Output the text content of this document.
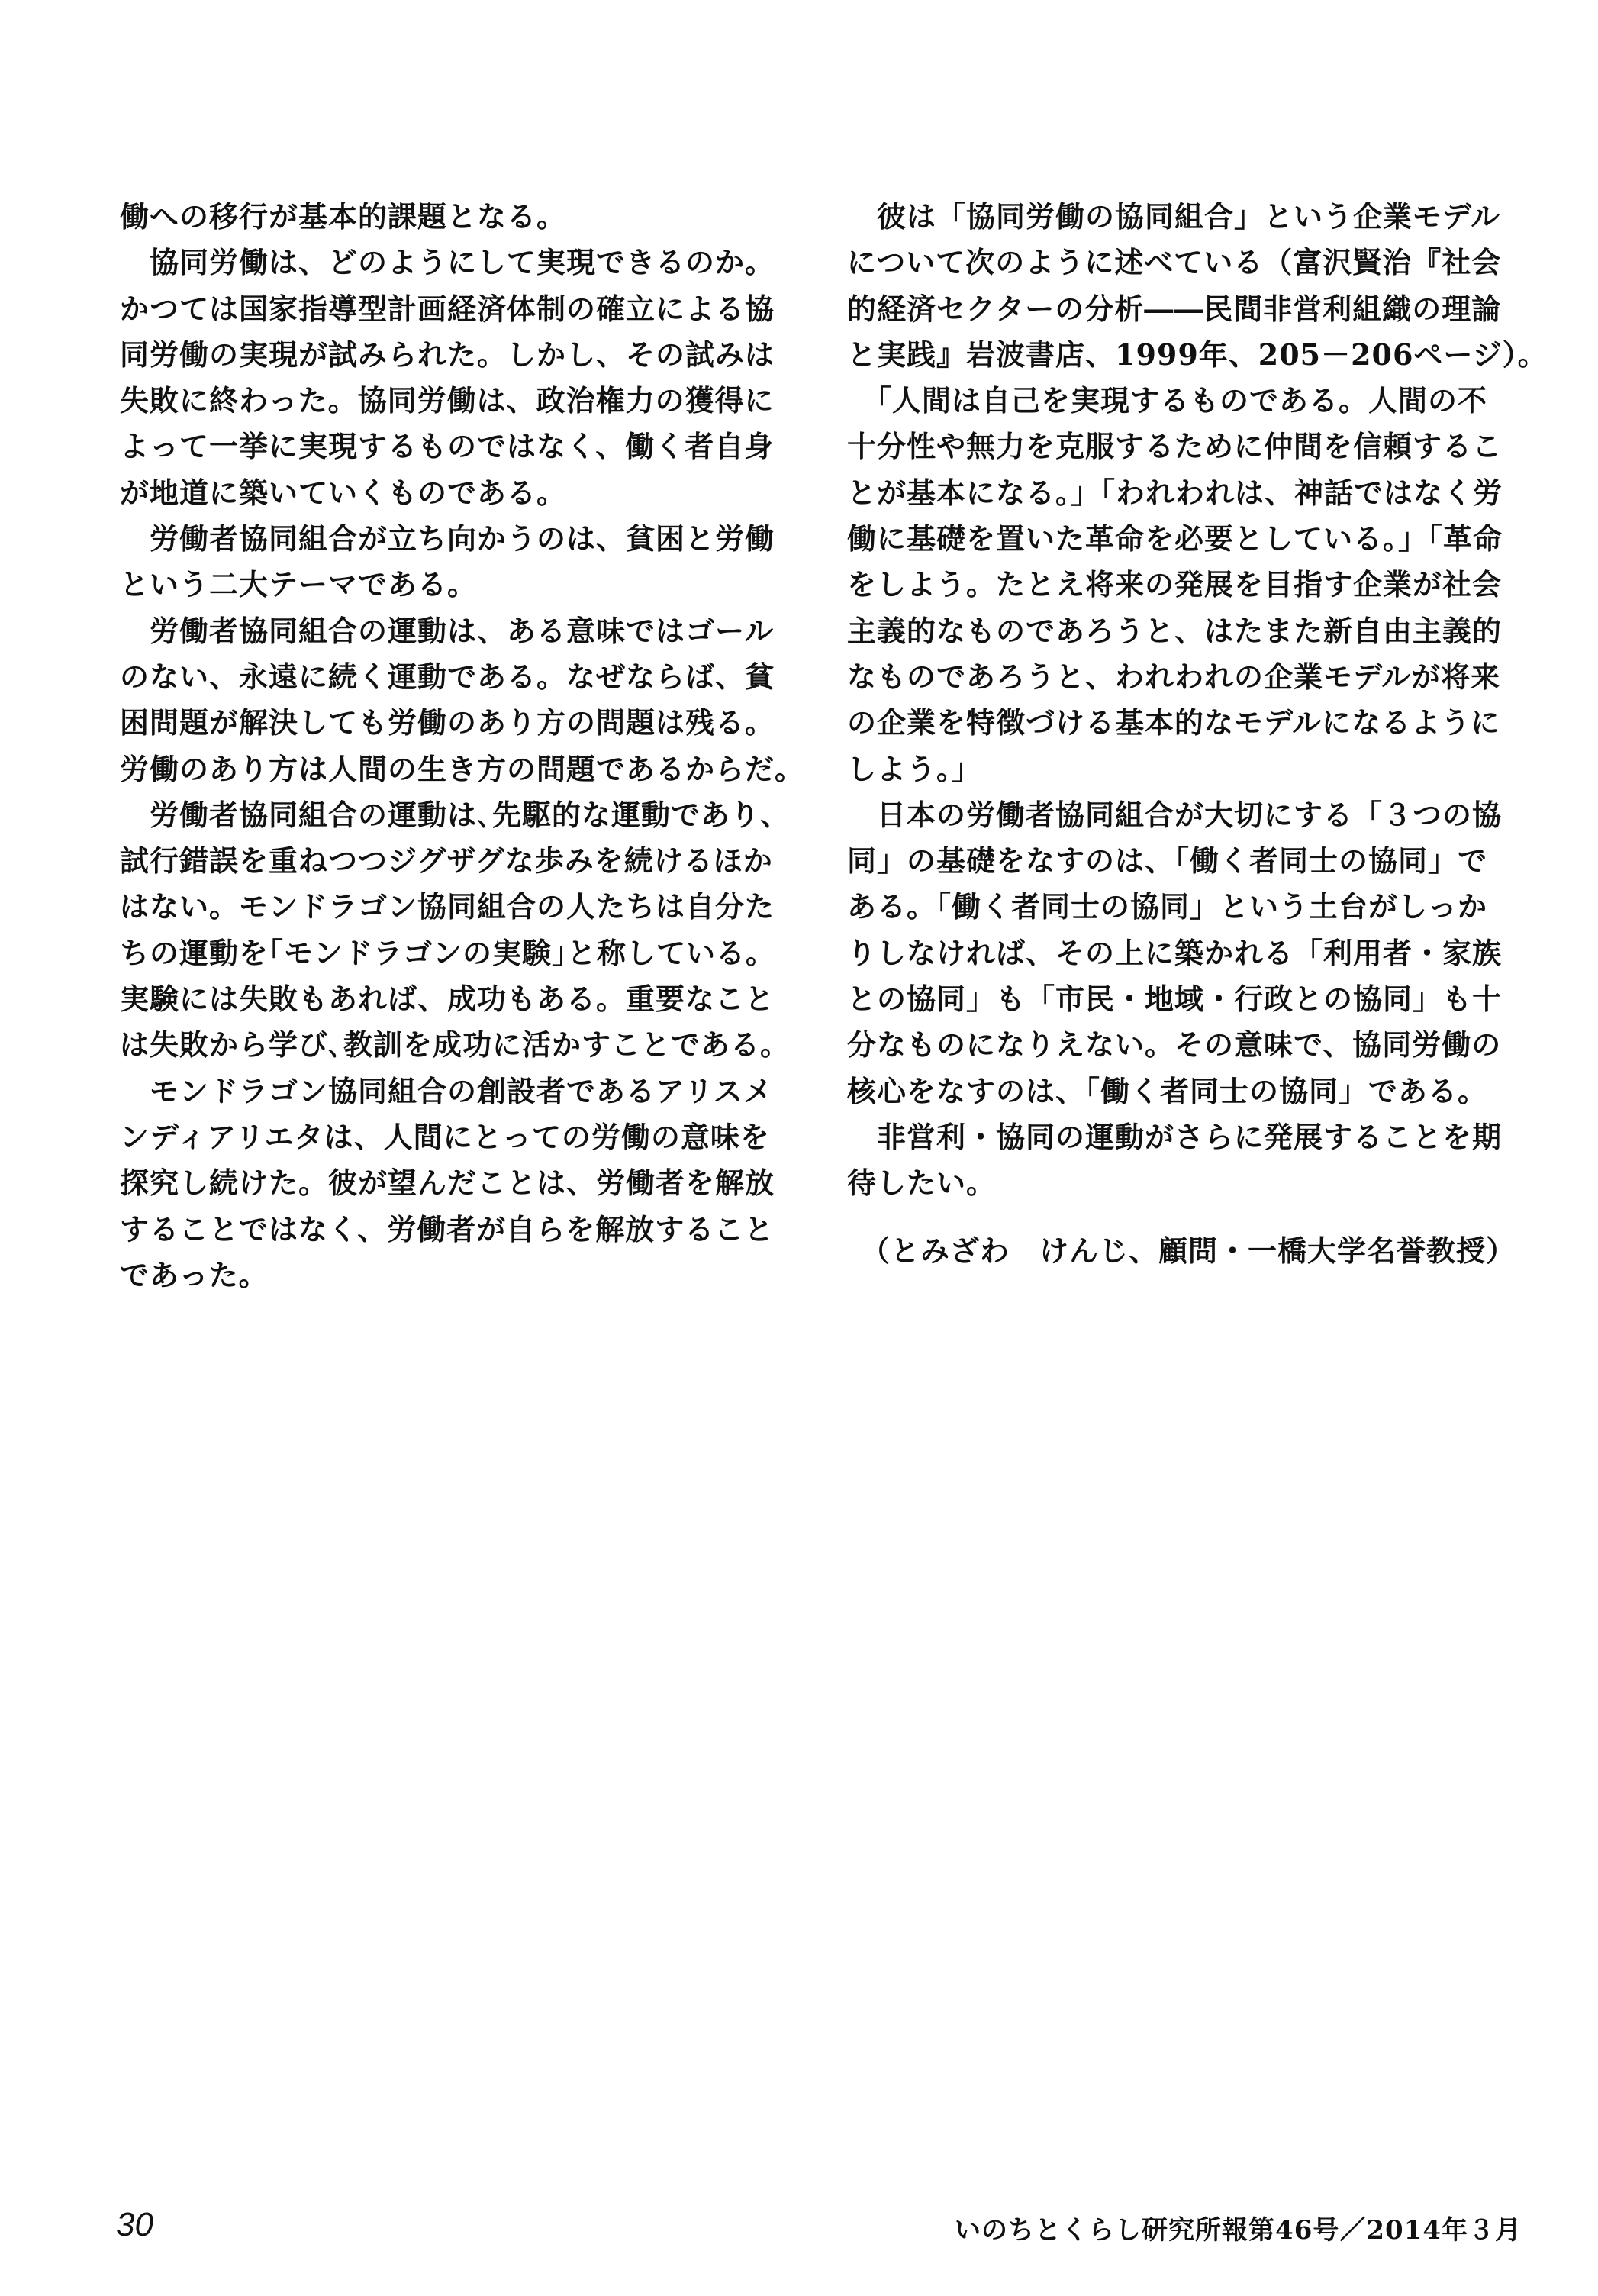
働への移行が基本的課題となる。
　協同労働は、どのようにして実現できるのか。
かつては国家指導型計画経済体制の確立による協
同労働の実現が試みられた。しかし、その試みは
失敗に終わった。協同労働は、政治権力の獲得に
よって一挙に実現するものではなく、働く者自身
が地道に築いていくものである。
　労働者協同組合が立ち向かうのは、貧困と労働
という二大テーマである。
　労働者協同組合の運動は、ある意味ではゴール
のない、永遠に続く運動である。なぜならば、貧
困問題が解決しても労働のあり方の問題は残る。
労働のあり方は人間の生き方の問題であるからだ。
　労働者協同組合の運動は､先駆的な運動であり、
試行錯誤を重ねつつジグザグな歩みを続けるほか
はない。モンドラゴン協同組合の人たちは自分た
ちの運動を｢モンドラゴンの実験｣と称している。
実験には失敗もあれば、成功もある。重要なこと
は失敗から学び､教訓を成功に活かすことである。
　モンドラゴン協同組合の創設者であるアリスメ
ンディアリエタは、人間にとっての労働の意味を
探究し続けた。彼が望んだことは、労働者を解放
することではなく、労働者が自らを解放すること
であった。
　彼は「協同労働の協同組合」という企業モデル
について次のように述べている（富沢賢治『社会
的経済セクターの分析――民間非営利組織の理論
と実践』岩波書店、1999年、205－206ページ）。
　「人間は自己を実現するものである。人間の不
十分性や無力を克服するために仲間を信頼するこ
とが基本になる。」「われわれは、神話ではなく労
働に基礎を置いた革命を必要としている。」「革命
をしよう。たとえ将来の発展を目指す企業が社会
主義的なものであろうと、はたまた新自由主義的
なものであろうと、われわれの企業モデルが将来
の企業を特徴づける基本的なモデルになるように
しよう。」
　日本の労働者協同組合が大切にする「３つの協
同」の基礎をなすのは、「働く者同士の協同」で
ある。「働く者同士の協同」という土台がしっか
りしなければ、その上に築かれる「利用者・家族
との協同」も「市民・地域・行政との協同」も十
分なものになりえない。その意味で、協同労働の
核心をなすのは、「働く者同士の協同」である。
　非営利・協同の運動がさらに発展することを期
待したい。
（とみざわ　けんじ、顧問・一橋大学名誉教授）
30	いのちとくらし研究所報第46号／2014年３月
